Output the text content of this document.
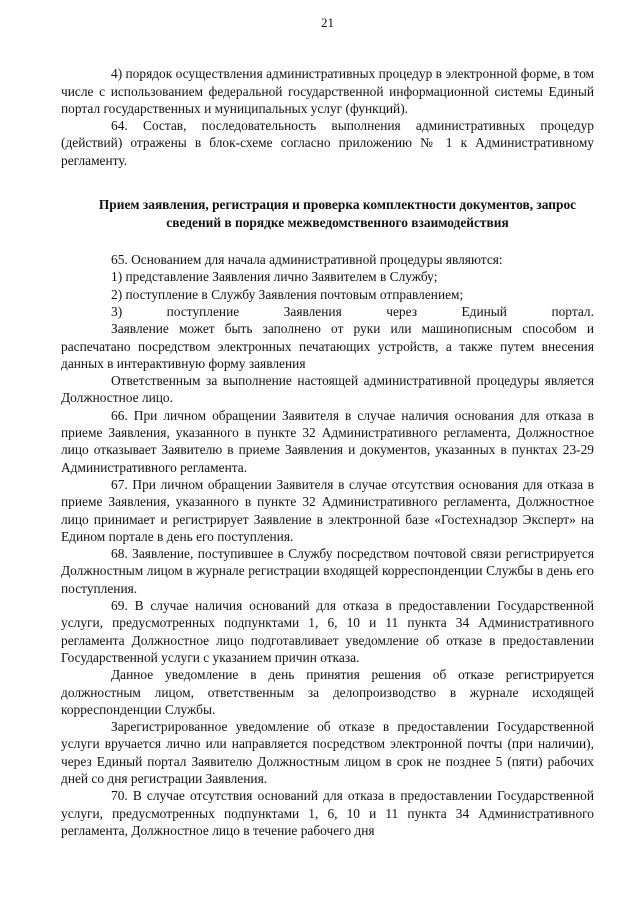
21

4) порядок осуществления административных процедур в электронной форме, в том числе с использованием федеральной государственной информационной системы Единый портал государственных и муниципальных услуг (функций).

64. Состав, последовательность выполнения административных процедур (действий) отражены в блок-схеме согласно приложению № 1 к Административному регламенту.

Прием заявления, регистрация и проверка комплектности документов, запрос сведений в порядке межведомственного взаимодействия

65. Основанием для начала административной процедуры являются:

1) представление Заявления лично Заявителем в Службу;

2) поступление в Службу Заявления почтовым отправлением;

3)	поступление	Заявления	через	Единый	портал.

Заявление может быть заполнено от руки или машинописным способом и распечатано посредством электронных печатающих устройств, а также путем внесения данных в интерактивную форму заявления

Ответственным за выполнение настоящей административной процедуры является Должностное лицо.

66. При личном обращении Заявителя в случае наличия основания для отказа в приеме Заявления, указанного в пункте 32 Административного регламента, Должностное лицо отказывает Заявителю в приеме Заявления и документов, указанных в пунктах 23-29 Административного регламента.

67. При личном обращении Заявителя в случае отсутствия основания для отказа в приеме Заявления, указанного в пункте 32 Административного регламента, Должностное лицо принимает и регистрирует Заявление в электронной базе «Гостехнадзор Эксперт» на Едином портале в день его поступления.

68. Заявление, поступившее в Службу посредством почтовой связи регистрируется Должностным лицом в журнале регистрации входящей корреспонденции Службы в день его поступления.

69. В случае наличия оснований для отказа в предоставлении Государственной услуги, предусмотренных подпунктами 1, 6, 10 и 11 пункта 34 Административного регламента Должностное лицо подготавливает уведомление об отказе в предоставлении Государственной услуги с указанием причин отказа.

Данное уведомление в день принятия решения об отказе регистрируется должностным лицом, ответственным за делопроизводство в журнале исходящей корреспонденции Службы.

Зарегистрированное уведомление об отказе в предоставлении Государственной услуги вручается лично или направляется посредством электронной почты (при наличии), через Единый портал Заявителю Должностным лицом в срок не позднее 5 (пяти) рабочих дней со дня регистрации Заявления.

70. В случае отсутствия оснований для отказа в предоставлении Государственной услуги, предусмотренных подпунктами 1, 6, 10 и 11 пункта 34 Административного регламента, Должностное лицо в течение рабочего дня
